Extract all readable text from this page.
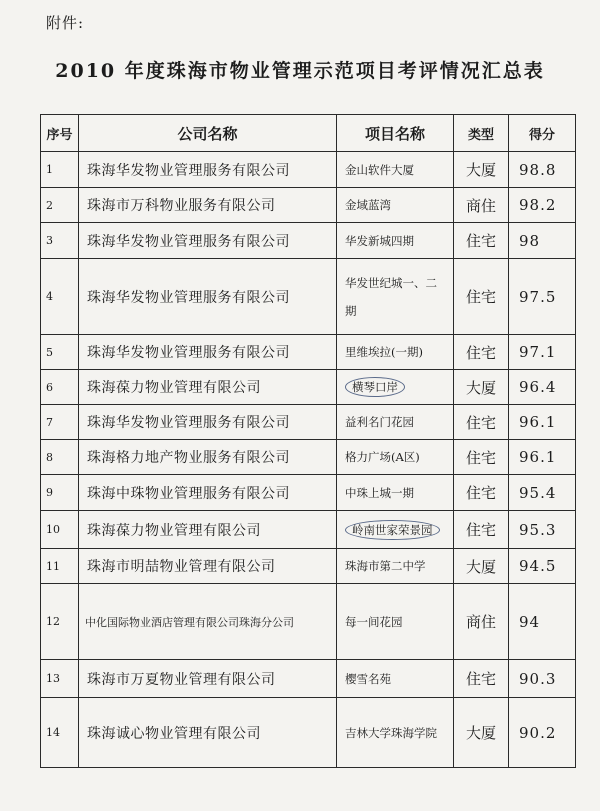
附件:
2010 年度珠海市物业管理示范项目考评情况汇总表
序号	公司名称	项目名称	类型	得分
1	珠海华发物业管理服务有限公司	金山软件大厦	大厦	98.8
2	珠海市万科物业服务有限公司	金域蓝湾	商住	98.2
3	珠海华发物业管理服务有限公司	华发新城四期	住宅	98
4	珠海华发物业管理服务有限公司	华发世纪城一、二期	住宅	97.5
5	珠海华发物业管理服务有限公司	里维埃拉(一期)	住宅	97.1
6	珠海葆力物业管理有限公司	横琴口岸	大厦	96.4
7	珠海华发物业管理服务有限公司	益利名门花园	住宅	96.1
8	珠海格力地产物业服务有限公司	格力广场(A区)	住宅	96.1
9	珠海中珠物业管理服务有限公司	中珠上城一期	住宅	95.4
10	珠海葆力物业管理有限公司	岭南世家荣景园	住宅	95.3
11	珠海市明喆物业管理有限公司	珠海市第二中学	大厦	94.5
12	中化国际物业酒店管理有限公司珠海分公司	每一间花园	商住	94
13	珠海市万夏物业管理有限公司	樱雪名苑	住宅	90.3
14	珠海诚心物业管理有限公司	吉林大学珠海学院	大厦	90.2
